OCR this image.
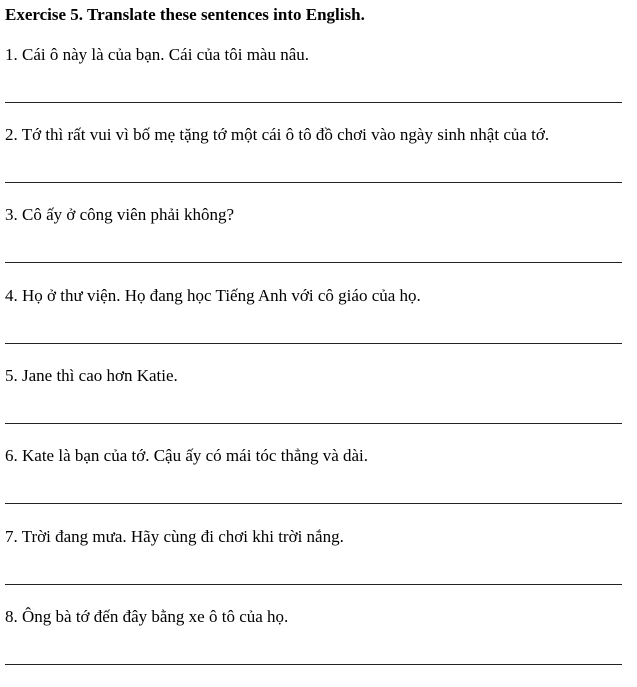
Exercise 5. Translate these sentences into English.
1. Cái ô này là của bạn. Cái của tôi màu nâu.
2. Tớ thì rất vui vì bố mẹ tặng tớ một cái ô tô đồ chơi vào ngày sinh nhật của tớ.
3. Cô ấy ở công viên phải không?
4. Họ ở thư viện. Họ đang học Tiếng Anh với cô giáo của họ.
5. Jane thì cao hơn Katie.
6. Kate là bạn của tớ. Cậu ấy có mái tóc thẳng và dài.
7. Trời đang mưa. Hãy cùng đi chơi khi trời nắng.
8. Ông bà tớ đến đây bằng xe ô tô của họ.
